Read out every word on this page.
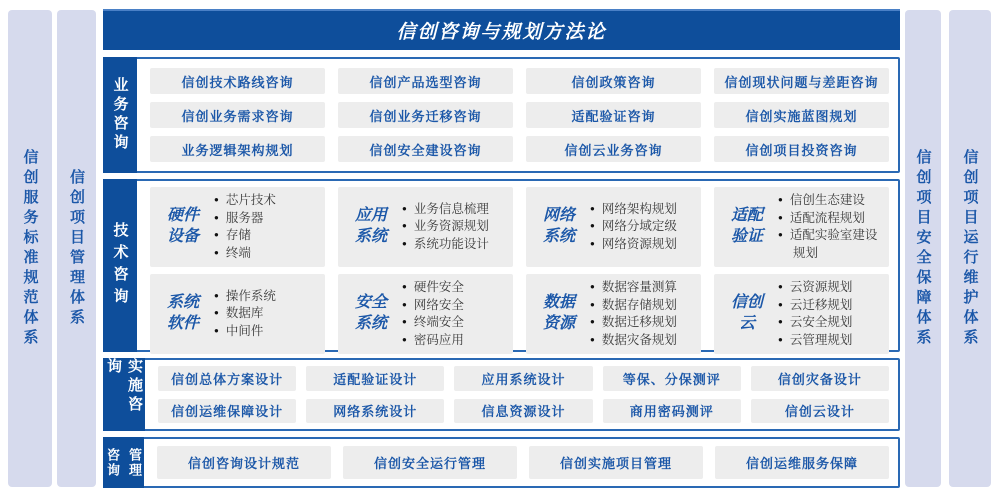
信创服务标准规范体系 信创项目管理体系	信创项目安全保障体系 信创项目运行维护体系
信创咨询与规划方法论
业务咨询	信创技术路线咨询	信创产品选型咨询	信创政策咨询	信创现状问题与差距咨询
信创业务需求咨询	信创业务迁移咨询	适配验证咨询	信创实施蓝图规划
业务逻辑架构规划	信创安全建设咨询	信创云业务咨询	信创项目投资咨询
技术咨询
硬件设备
● 芯片技术
● 服务器
● 存储
● 终端
应用系统
● 业务信息梳理
● 业务资源规划
● 系统功能设计
网络系统
● 网络架构规划
● 网络分域定级
● 网络资源规划
适配验证
● 信创生态建设
● 适配流程规划
● 适配实验室建设规划
系统软件
● 操作系统
● 数据库
● 中间件
安全系统
● 硬件安全
● 网络安全
● 终端安全
● 密码应用
数据资源
● 数据容量测算
● 数据存储规划
● 数据迁移规划
● 数据灾备规划
信创云
● 云资源规划
● 云迁移规划
● 云安全规划
● 云管理规划
实施咨询
信创总体方案设计	适配验证设计	应用系统设计	等保、分保测评	信创灾备设计
信创运维保障设计	网络系统设计	信息资源设计	商用密码测评	信创云设计
咨询 管理	信创咨询设计规范	信创安全运行管理	信创实施项目管理	信创运维服务保障
